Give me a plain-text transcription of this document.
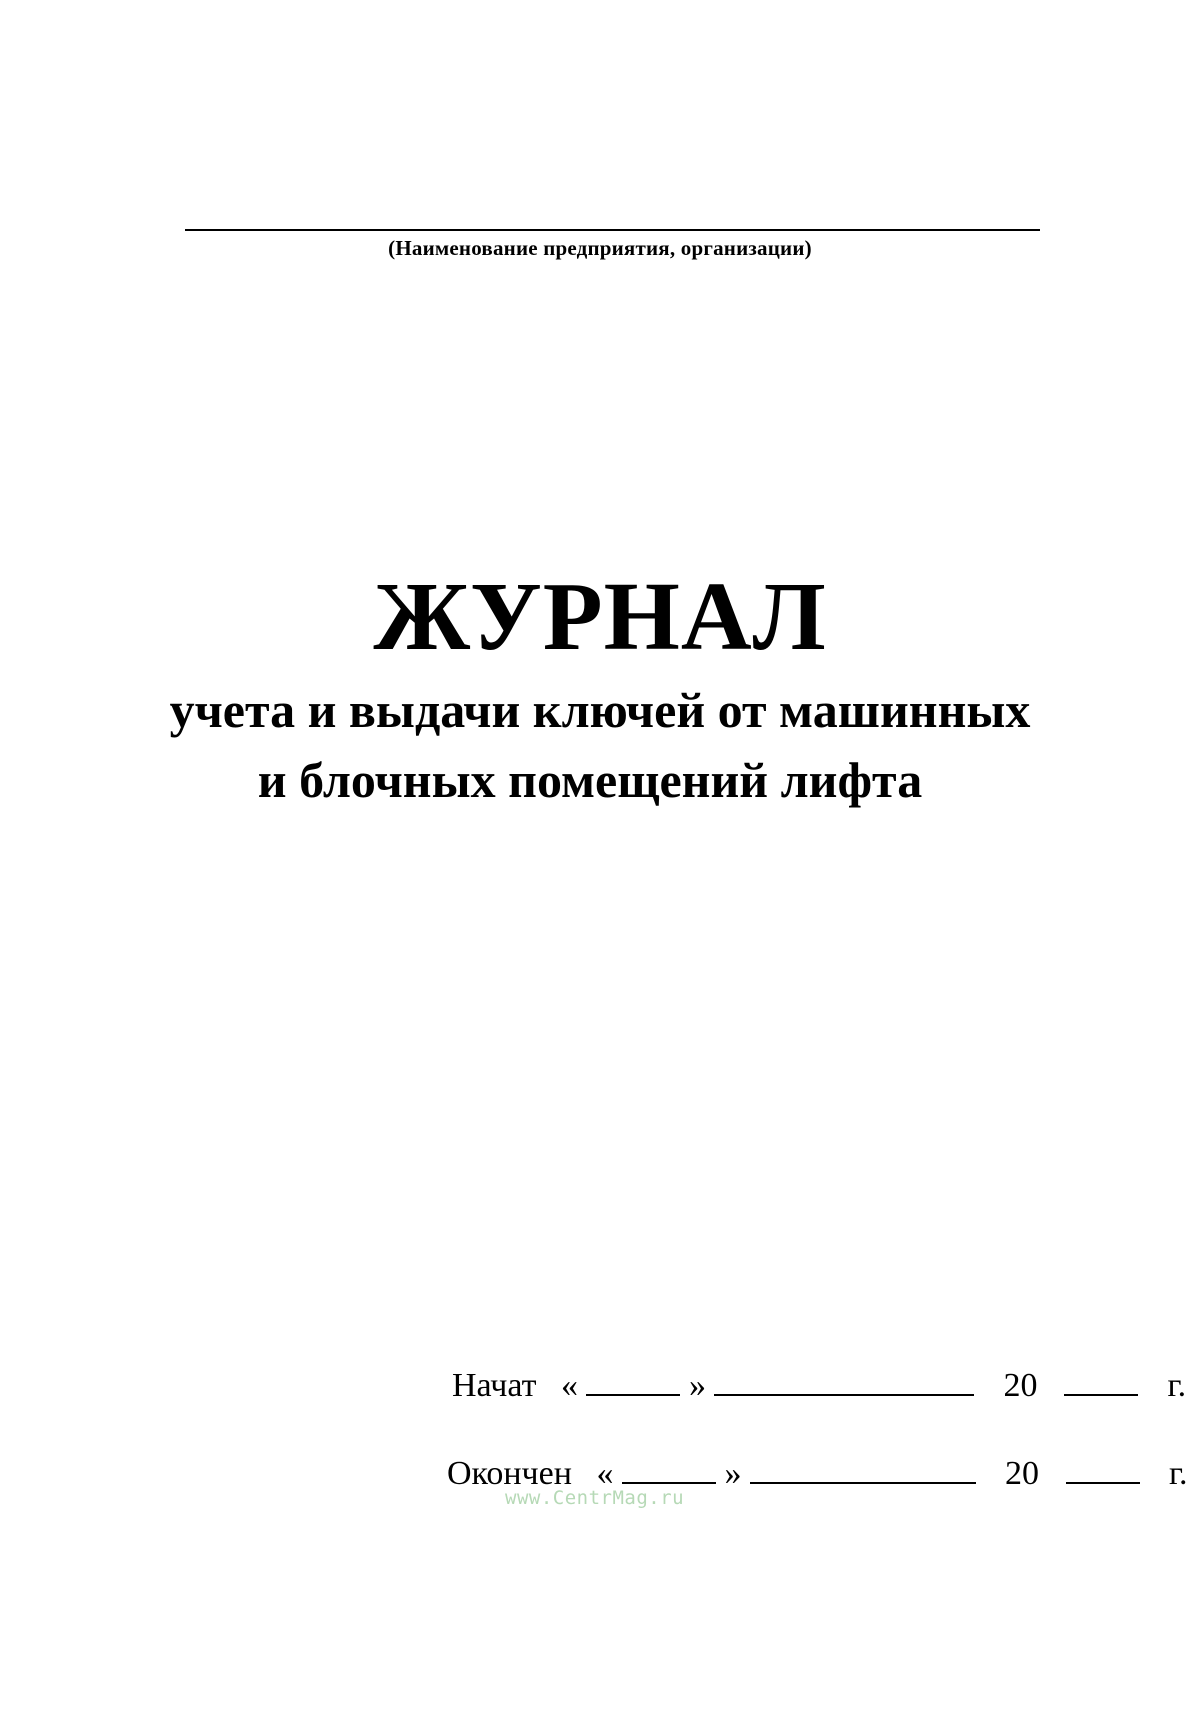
(Наименование предприятия, организации)
ЖУРНАЛ
учета и выдачи ключей от машинных
и блочных помещений лифта
Начат «	»	20	г.
Окончен «	»	20	г.
www.CentrMag.ru
